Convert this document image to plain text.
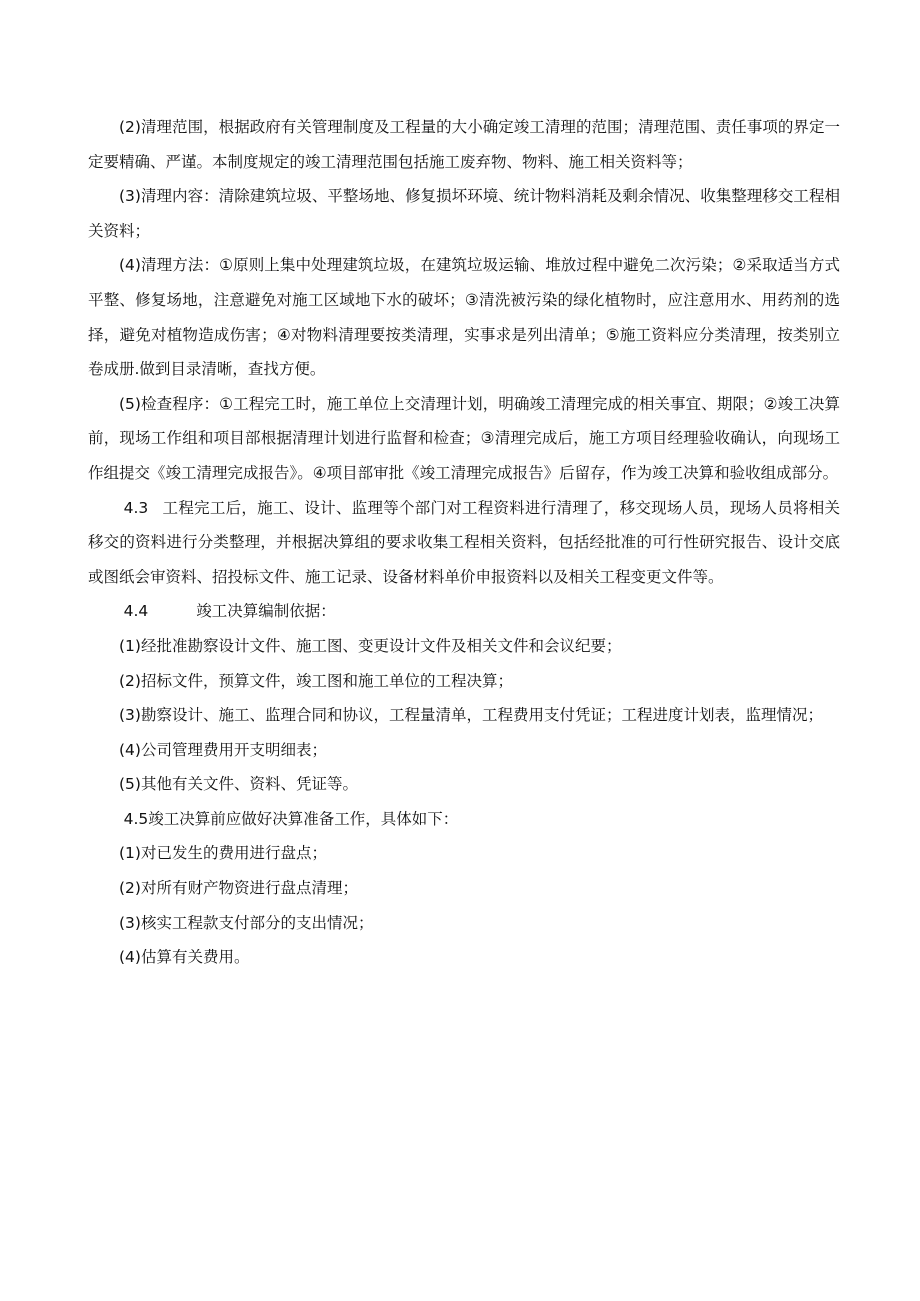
(2)清理范围，根据政府有关管理制度及工程量的大小确定竣工清理的范围；清理范围、责任事项的界定一定要精确、严谨。本制度规定的竣工清理范围包括施工废弃物、物料、施工相关资料等；

(3)清理内容：清除建筑垃圾、平整场地、修复损坏环境、统计物料消耗及剩余情况、收集整理移交工程相关资料；

(4)清理方法：①原则上集中处理建筑垃圾，在建筑垃圾运输、堆放过程中避免二次污染；②采取适当方式平整、修复场地，注意避免对施工区域地下水的破坏；③清洗被污染的绿化植物时，应注意用水、用药剂的选择，避免对植物造成伤害；④对物料清理要按类清理，实事求是列出清单；⑤施工资料应分类清理，按类别立卷成册.做到目录清晰，查找方便。

(5)检查程序：①工程完工时，施工单位上交清理计划，明确竣工清理完成的相关事宜、期限；②竣工决算前，现场工作组和项目部根据清理计划进行监督和检查；③清理完成后，施工方项目经理验收确认，向现场工作组提交《竣工清理完成报告》。④项目部审批《竣工清理完成报告》后留存，作为竣工决算和验收组成部分。

4.3 工程完工后，施工、设计、监理等个部门对工程资料进行清理了，移交现场人员，现场人员将相关移交的资料进行分类整理，并根据决算组的要求收集工程相关资料，包括经批准的可行性研究报告、设计交底或图纸会审资料、招投标文件、施工记录、设备材料单价申报资料以及相关工程变更文件等。

4.4	竣工决算编制依据：

(1)经批准勘察设计文件、施工图、变更设计文件及相关文件和会议纪要；

(2)招标文件，预算文件，竣工图和施工单位的工程决算；

(3)勘察设计、施工、监理合同和协议，工程量清单，工程费用支付凭证；工程进度计划表，监理情况；

(4)公司管理费用开支明细表；

(5)其他有关文件、资料、凭证等。

4.5竣工决算前应做好决算准备工作，具体如下：

(1)对已发生的费用进行盘点；

(2)对所有财产物资进行盘点清理；

(3)核实工程款支付部分的支出情况；

(4)估算有关费用。
